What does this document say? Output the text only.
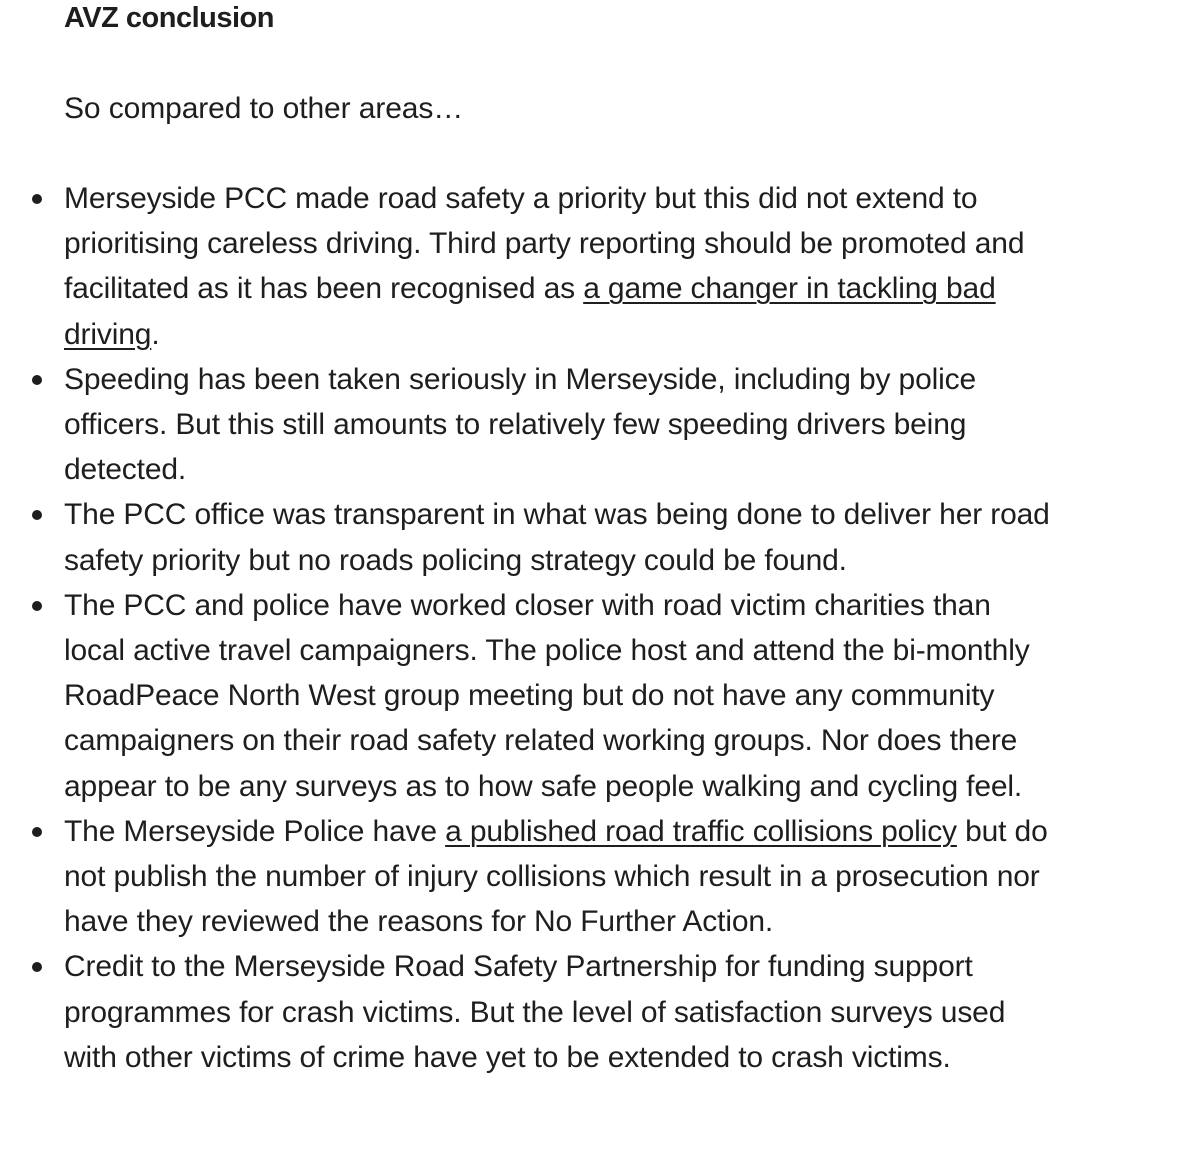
AVZ conclusion

So compared to other areas…

Merseyside PCC made road safety a priority but this did not extend to prioritising careless driving. Third party reporting should be promoted and facilitated as it has been recognised as a game changer in tackling bad driving.
Speeding has been taken seriously in Merseyside, including by police officers. But this still amounts to relatively few speeding drivers being detected.
The PCC office was transparent in what was being done to deliver her road safety priority but no roads policing strategy could be found.
The PCC and police have worked closer with road victim charities than local active travel campaigners. The police host and attend the bi-monthly RoadPeace North West group meeting but do not have any community campaigners on their road safety related working groups. Nor does there appear to be any surveys as to how safe people walking and cycling feel.
The Merseyside Police have a published road traffic collisions policy but do not publish the number of injury collisions which result in a prosecution nor have they reviewed the reasons for No Further Action.
Credit to the Merseyside Road Safety Partnership for funding support programmes for crash victims. But the level of satisfaction surveys used with other victims of crime have yet to be extended to crash victims.
